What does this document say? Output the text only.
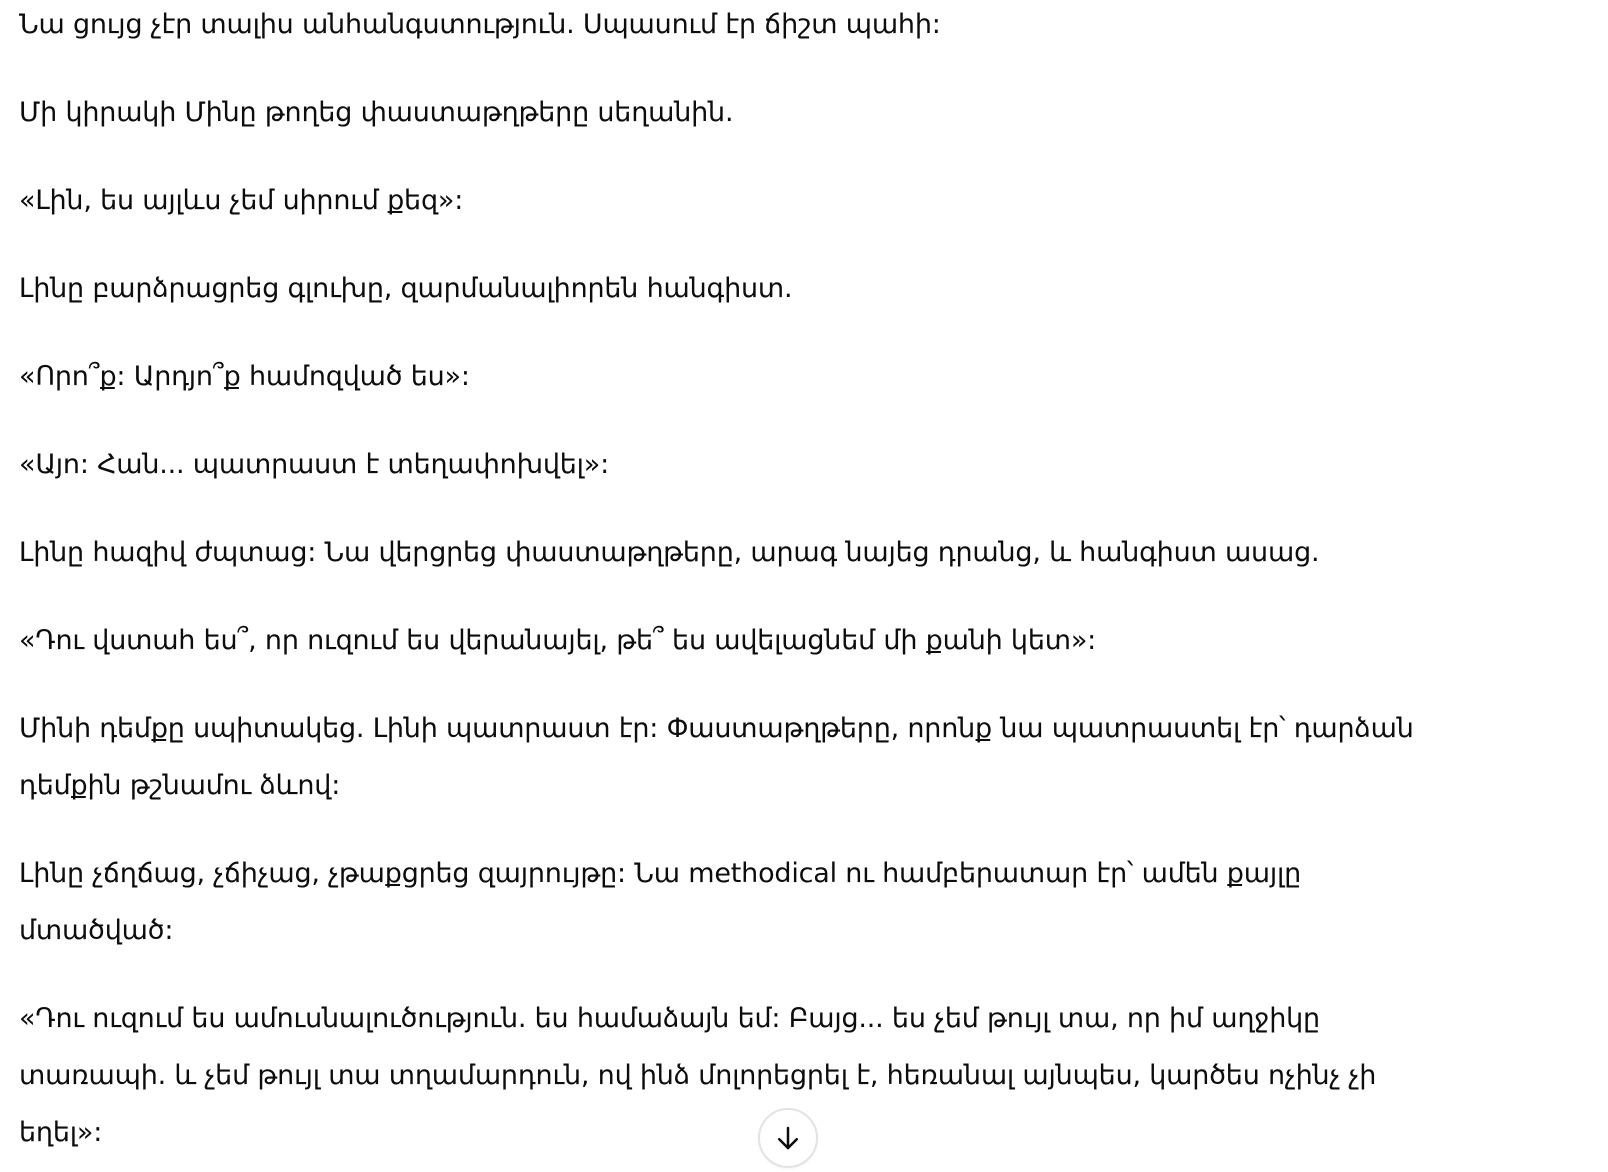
Նա ցույց չէր տալիս անհանգստություն. Սպասում էր ճիշտ պահի:

Մի կիրակի Մինը թողեց փաստաթղթերը սեղանին.

«Լին, ես այլևս չեմ սիրում քեզ»:

Լինը բարձրացրեց գլուխը, զարմանալիորեն հանգիստ.

«Որո՞ք: Արդյո՞ք համոզված ես»:

«Այո: Հան... պատրաստ է տեղափոխվել»:

Լինը հազիվ ժպտաց: Նա վերցրեց փաստաթղթերը, արագ նայեց դրանց, և հանգիստ ասաց.

«Դու վստահ ես՞, որ ուզում ես վերանայել, թե՞ ես ավելացնեմ մի քանի կետ»:

Մինի դեմքը սպիտակեց. Լինի պատրաստ էր: Փաստաթղթերը, որոնք նա պատրաստել էր՝ դարձան դեմքին թշնամու ձևով:

Լինը չճղճաց, չճիչաց, չթաքցրեց զայրույթը: Նա methodical ու համբերատար էր՝ ամեն քայլը մտածված:

«Դու ուզում ես ամուսնալուծություն. ես համաձայն եմ: Բայց... ես չեմ թույլ տա, որ իմ աղջիկը տառապի. և չեմ թույլ տա տղամարդուն, ով ինձ մոլորեցրել է, հեռանալ այնպես, կարծես ոչինչ չի եղել»:
